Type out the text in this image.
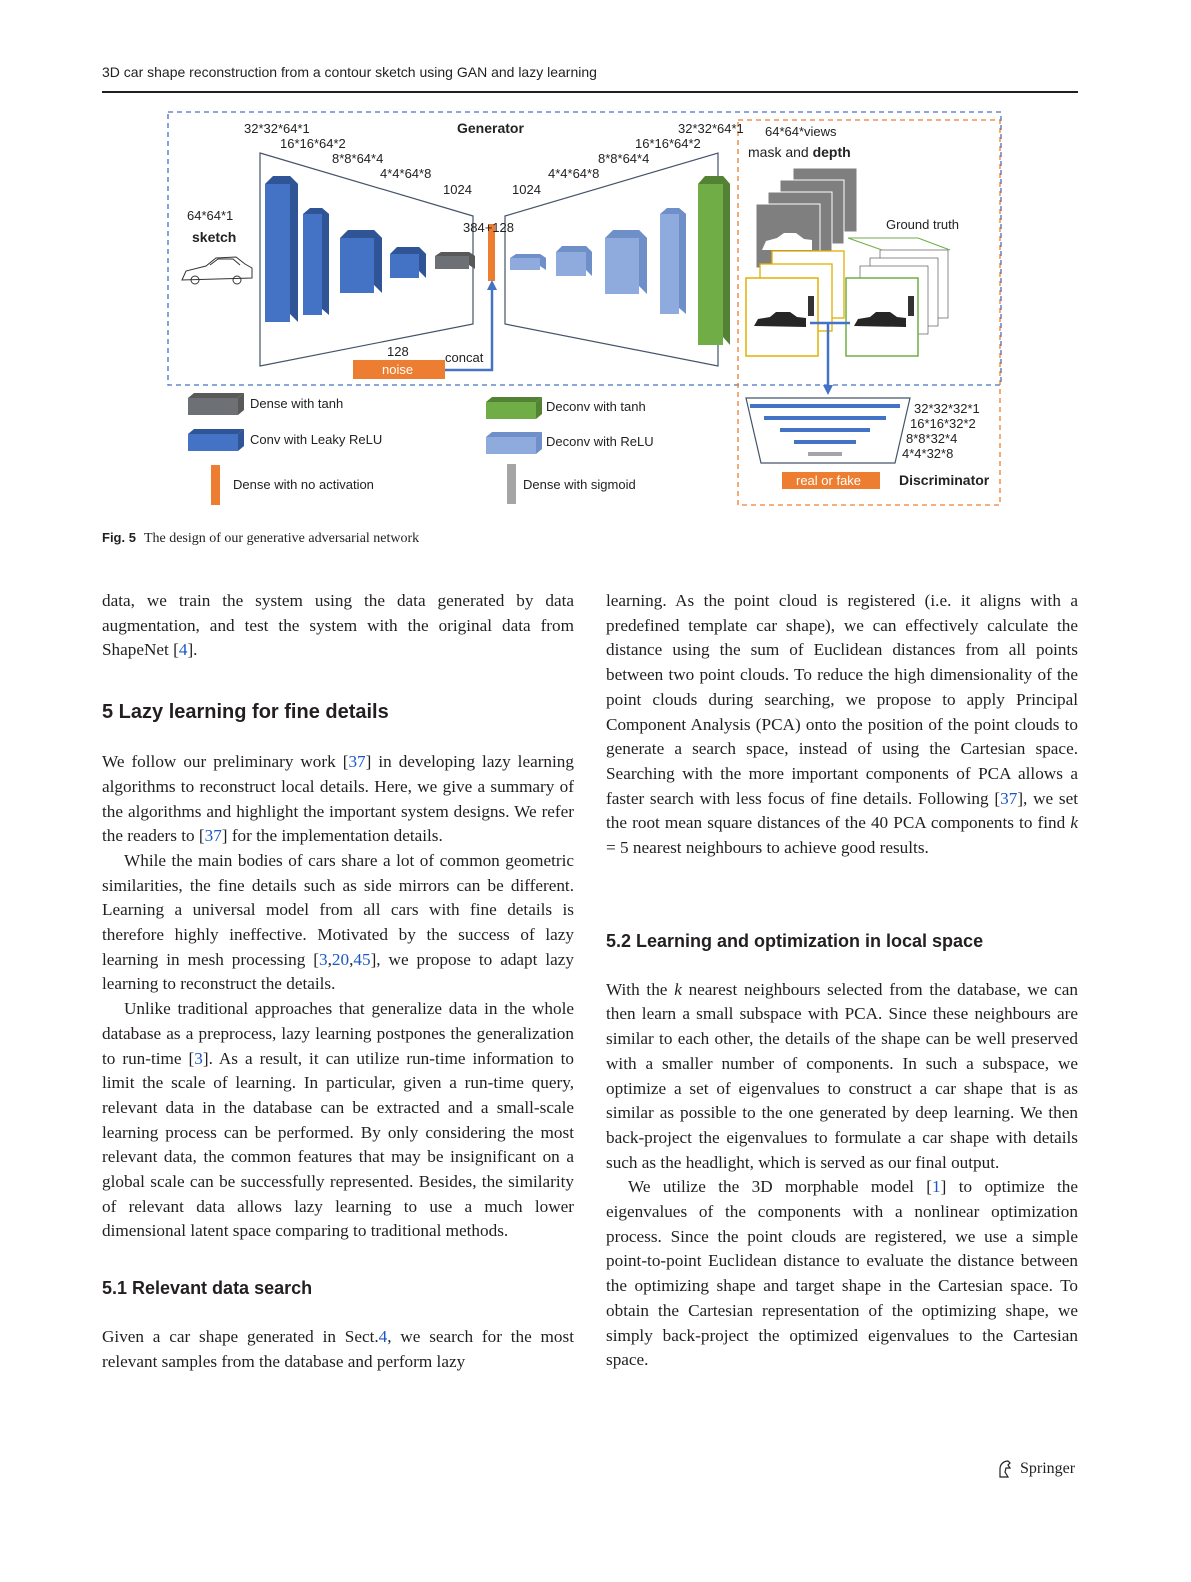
3D car shape reconstruction from a contour sketch using GAN and lazy learning
Generator
32*32*64*1
16*16*64*2
8*8*64*4
4*4*64*8
1024	1024
4*4*64*8
8*8*64*4
16*16*64*2
32*32*64*1
384+128
64*64*1
sketch
64*64*views
mask and depth
Ground truth
128
noise
concat
32*32*32*1
16*16*32*2
8*8*32*4
4*4*32*8
real or fake	Discriminator
Dense with tanh
Conv with Leaky ReLU
Dense with no activation
Deconv with tanh
Deconv with ReLU
Dense with sigmoid
Fig. 5 The design of our generative adversarial network

data, we train the system using the data generated by data augmentation, and test the system with the original data from ShapeNet [4].

5 Lazy learning for fine details

We follow our preliminary work [37] in developing lazy learning algorithms to reconstruct local details. Here, we give a summary of the algorithms and highlight the important system designs. We refer the readers to [37] for the implementation details.

While the main bodies of cars share a lot of common geometric similarities, the fine details such as side mirrors can be different. Learning a universal model from all cars with fine details is therefore highly ineffective. Motivated by the success of lazy learning in mesh processing [3,20,45], we propose to adapt lazy learning to reconstruct the details.

Unlike traditional approaches that generalize data in the whole database as a preprocess, lazy learning postpones the generalization to run-time [3]. As a result, it can utilize run-time information to limit the scale of learning. In particular, given a run-time query, relevant data in the database can be extracted and a small-scale learning process can be performed. By only considering the most relevant data, the common features that may be insignificant on a global scale can be successfully represented. Besides, the similarity of relevant data allows lazy learning to use a much lower dimensional latent space comparing to traditional methods.

5.1 Relevant data search

Given a car shape generated in Sect.4, we search for the most relevant samples from the database and perform lazy

learning. As the point cloud is registered (i.e. it aligns with a predefined template car shape), we can effectively calculate the distance using the sum of Euclidean distances from all points between two point clouds. To reduce the high dimensionality of the point clouds during searching, we propose to apply Principal Component Analysis (PCA) onto the position of the point clouds to generate a search space, instead of using the Cartesian space. Searching with the more important components of PCA allows a faster search with less focus of fine details. Following [37], we set the root mean square distances of the 40 PCA components to find k = 5 nearest neighbours to achieve good results.

5.2 Learning and optimization in local space

With the k nearest neighbours selected from the database, we can then learn a small subspace with PCA. Since these neighbours are similar to each other, the details of the shape can be well preserved with a smaller number of components. In such a subspace, we optimize a set of eigenvalues to construct a car shape that is as similar as possible to the one generated by deep learning. We then back-project the eigenvalues to formulate a car shape with details such as the headlight, which is served as our final output.

We utilize the 3D morphable model [1] to optimize the eigenvalues of the components with a nonlinear optimization process. Since the point clouds are registered, we use a simple point-to-point Euclidean distance to evaluate the distance between the optimizing shape and target shape in the Cartesian space. To obtain the Cartesian representation of the optimizing shape, we simply back-project the optimized eigenvalues to the Cartesian space.

Springer
